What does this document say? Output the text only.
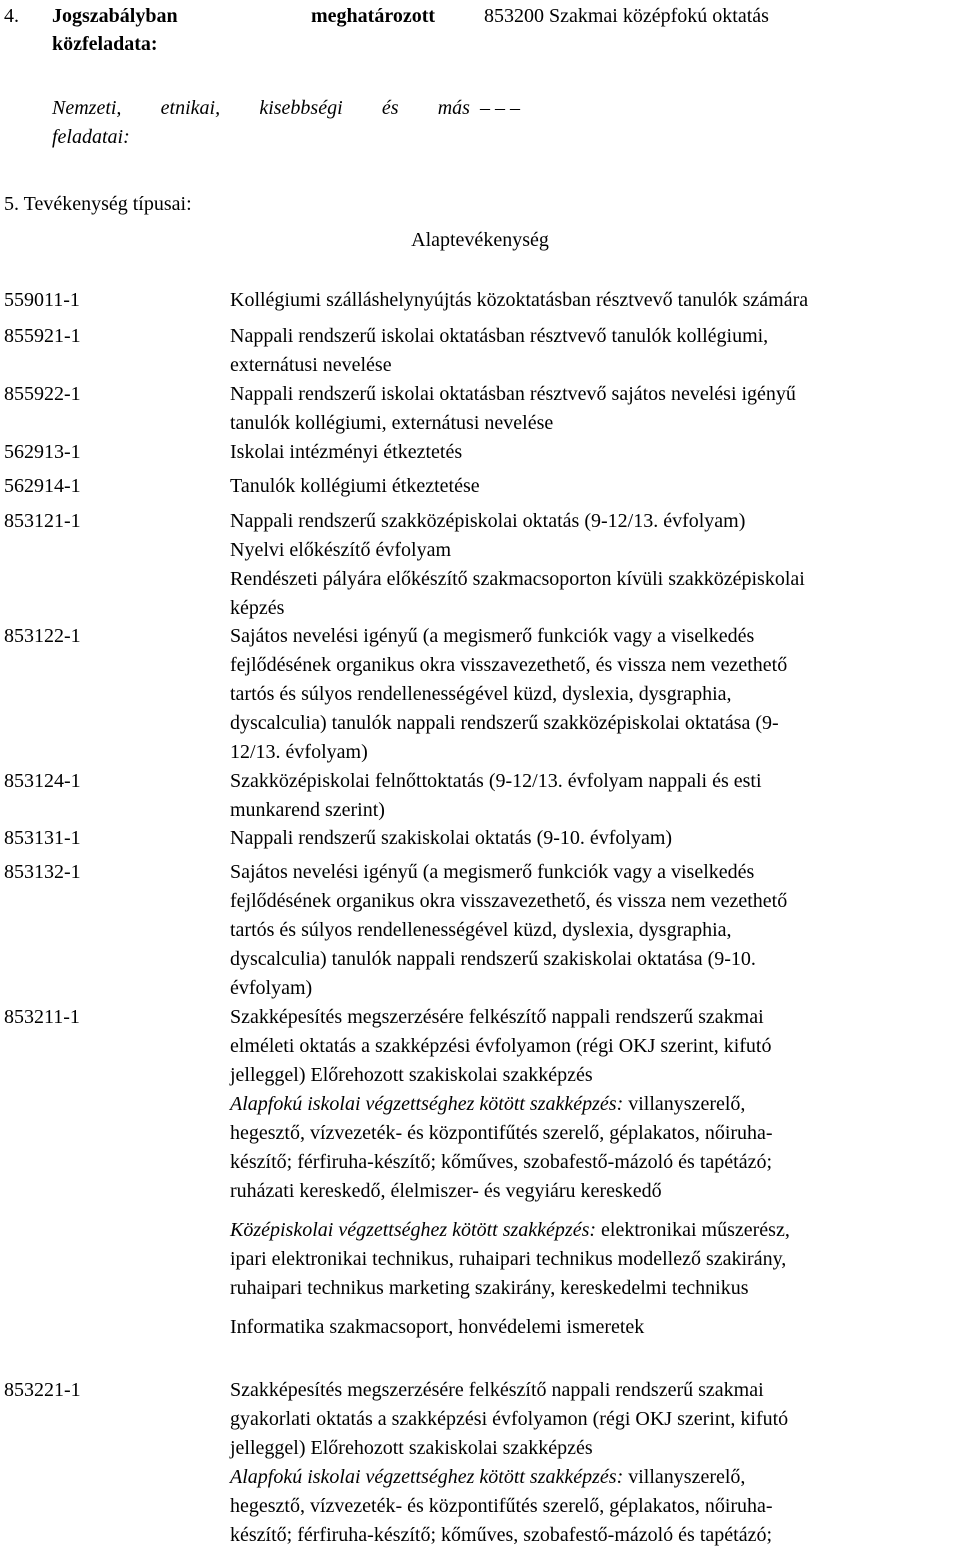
4. Jogszabályban	meghatározott
közfeladata:
853200 Szakmai középfokú oktatás
Nemzeti, etnikai, kisebbségi és más
feladatai:
– – –
5. Tevékenység típusai:
Alaptevékenység
559011-1	Kollégiumi szálláshelynyújtás közoktatásban résztvevő tanulók számára
855921-1	Nappali rendszerű iskolai oktatásban résztvevő tanulók kollégiumi,
externátusi nevelése
855922-1	Nappali rendszerű iskolai oktatásban résztvevő sajátos nevelési igényű
tanulók kollégiumi, externátusi nevelése
562913-1	Iskolai intézményi étkeztetés
562914-1	Tanulók kollégiumi étkeztetése
853121-1	Nappali rendszerű szakközépiskolai oktatás (9-12/13. évfolyam)
Nyelvi előkészítő évfolyam
Rendészeti pályára előkészítő szakmacsoporton kívüli szakközépiskolai
képzés
853122-1	Sajátos nevelési igényű (a megismerő funkciók vagy a viselkedés
fejlődésének organikus okra visszavezethető, és vissza nem vezethető
tartós és súlyos rendellenességével küzd, dyslexia, dysgraphia,
dyscalculia) tanulók nappali rendszerű szakközépiskolai oktatása (9-
12/13. évfolyam)
853124-1	Szakközépiskolai felnőttoktatás (9-12/13. évfolyam nappali és esti
munkarend szerint)
853131-1	Nappali rendszerű szakiskolai oktatás (9-10. évfolyam)
853132-1	Sajátos nevelési igényű (a megismerő funkciók vagy a viselkedés
fejlődésének organikus okra visszavezethető, és vissza nem vezethető
tartós és súlyos rendellenességével küzd, dyslexia, dysgraphia,
dyscalculia) tanulók nappali rendszerű szakiskolai oktatása (9-10.
évfolyam)
853211-1	Szakképesítés megszerzésére felkészítő nappali rendszerű szakmai
elméleti oktatás a szakképzési évfolyamon (régi OKJ szerint, kifutó
jelleggel) Előrehozott szakiskolai szakképzés
Alapfokú iskolai végzettséghez kötött szakképzés: villanyszerelő,
hegesztő, vízvezeték- és központifűtés szerelő, géplakatos, nőiruha-
készítő; férfiruha-készítő; kőműves, szobafestő-mázoló és tapétázó;
ruházati kereskedő, élelmiszer- és vegyiáru kereskedő
Középiskolai végzettséghez kötött szakképzés: elektronikai műszerész,
ipari elektronikai technikus, ruhaipari technikus modellező szakirány,
ruhaipari technikus marketing szakirány, kereskedelmi technikus
Informatika szakmacsoport, honvédelemi ismeretek
853221-1	Szakképesítés megszerzésére felkészítő nappali rendszerű szakmai
gyakorlati oktatás a szakképzési évfolyamon (régi OKJ szerint, kifutó
jelleggel) Előrehozott szakiskolai szakképzés
Alapfokú iskolai végzettséghez kötött szakképzés: villanyszerelő,
hegesztő, vízvezeték- és központifűtés szerelő, géplakatos, nőiruha-
készítő; férfiruha-készítő; kőműves, szobafestő-mázoló és tapétázó;
